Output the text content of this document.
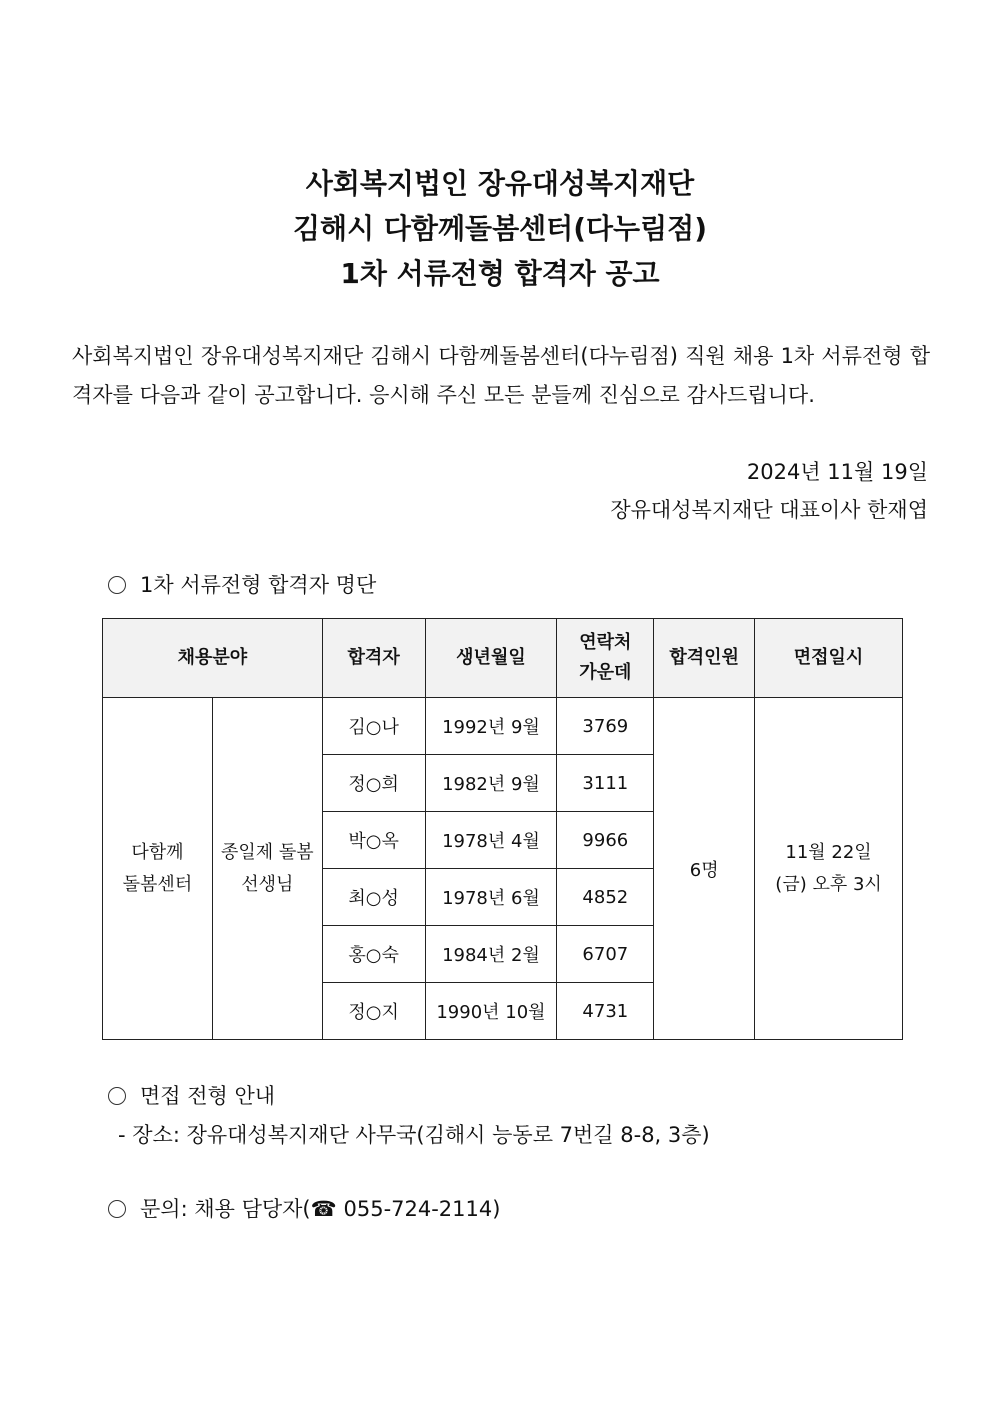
사회복지법인 장유대성복지재단
김해시 다함께돌봄센터(다누림점)
1차 서류전형 합격자 공고
사회복지법인 장유대성복지재단 김해시 다함께돌봄센터(다누림점) 직원 채용 1차 서류전형 합격자를 다음과 같이 공고합니다. 응시해 주신 모든 분들께 진심으로 감사드립니다.
2024년 11월 19일
장유대성복지재단 대표이사 한재엽
1차 서류전형 합격자 명단
채용분야		합격자	생년월일	연락처 가운데	합격인원	면접일시
다함께 돌봄센터	종일제 돌봄선생님	김○나	1992년 9월	3769	6명	11월 22일(금) 오후 3시
		정○희	1982년 9월	3111		
		박○옥	1978년 4월	9966		
		최○성	1978년 6월	4852		
		홍○숙	1984년 2월	6707		
		정○지	1990년 10월	4731		
면접 전형 안내
- 장소: 장유대성복지재단 사무국(김해시 능동로 7번길 8-8, 3층)
문의: 채용 담당자(☎ 055-724-2114)
